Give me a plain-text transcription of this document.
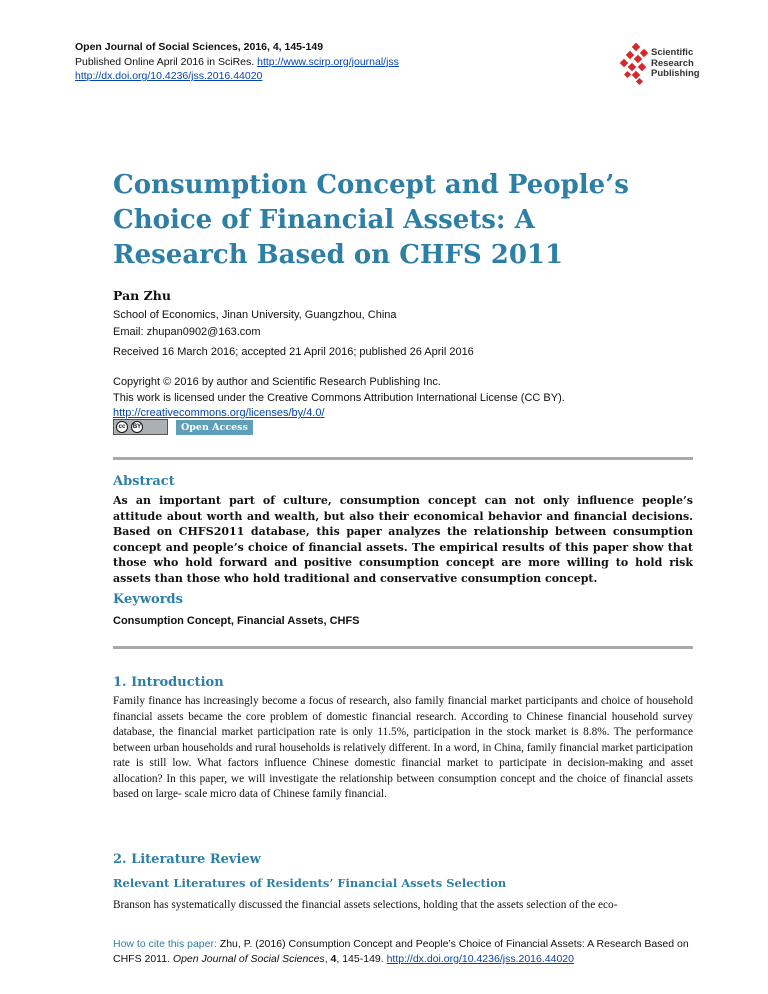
Open Journal of Social Sciences, 2016, 4, 145-149
Published Online April 2016 in SciRes. http://www.scirp.org/journal/jss
http://dx.doi.org/10.4236/jss.2016.44020
Scientific
Research
Publishing
Consumption Concept and People’s Choice of Financial Assets: A Research Based on CHFS 2011
Pan Zhu
School of Economics, Jinan University, Guangzhou, China
Email: zhupan0902@163.com
Received 16 March 2016; accepted 21 April 2016; published 26 April 2016
Copyright © 2016 by author and Scientific Research Publishing Inc.
This work is licensed under the Creative Commons Attribution International License (CC BY).
http://creativecommons.org/licenses/by/4.0/
cc	BY	Open Access
Abstract

As an important part of culture, consumption concept can not only influence people’s attitude about worth and wealth, but also their economical behavior and financial decisions. Based on CHFS2011 database, this paper analyzes the relationship between consumption concept and people’s choice of financial assets. The empirical results of this paper show that those who hold forward and positive consumption concept are more willing to hold risk assets than those who hold traditional and conservative consumption concept.

Keywords
Consumption Concept, Financial Assets, CHFS
1. Introduction

Family finance has increasingly become a focus of research, also family financial market participants and choice of household financial assets became the core problem of domestic financial research. According to Chinese financial household survey database, the financial market participation rate is only 11.5%, participation in the stock market is 8.8%. The performance between urban households and rural households is relatively different. In a word, in China, family financial market participation rate is still low. What factors influence Chinese domestic financial market to participate in decision-making and asset allocation? In this paper, we will investigate the relationship between consumption concept and the choice of financial assets based on large- scale micro data of Chinese family financial.

2. Literature Review
Relevant Literatures of Residents’ Financial Assets Selection

Branson has systematically discussed the financial assets selections, holding that the assets selection of the eco-

How to cite this paper: Zhu, P. (2016) Consumption Concept and People’s Choice of Financial Assets: A Research Based on CHFS 2011. Open Journal of Social Sciences, 4, 145-149. http://dx.doi.org/10.4236/jss.2016.44020
